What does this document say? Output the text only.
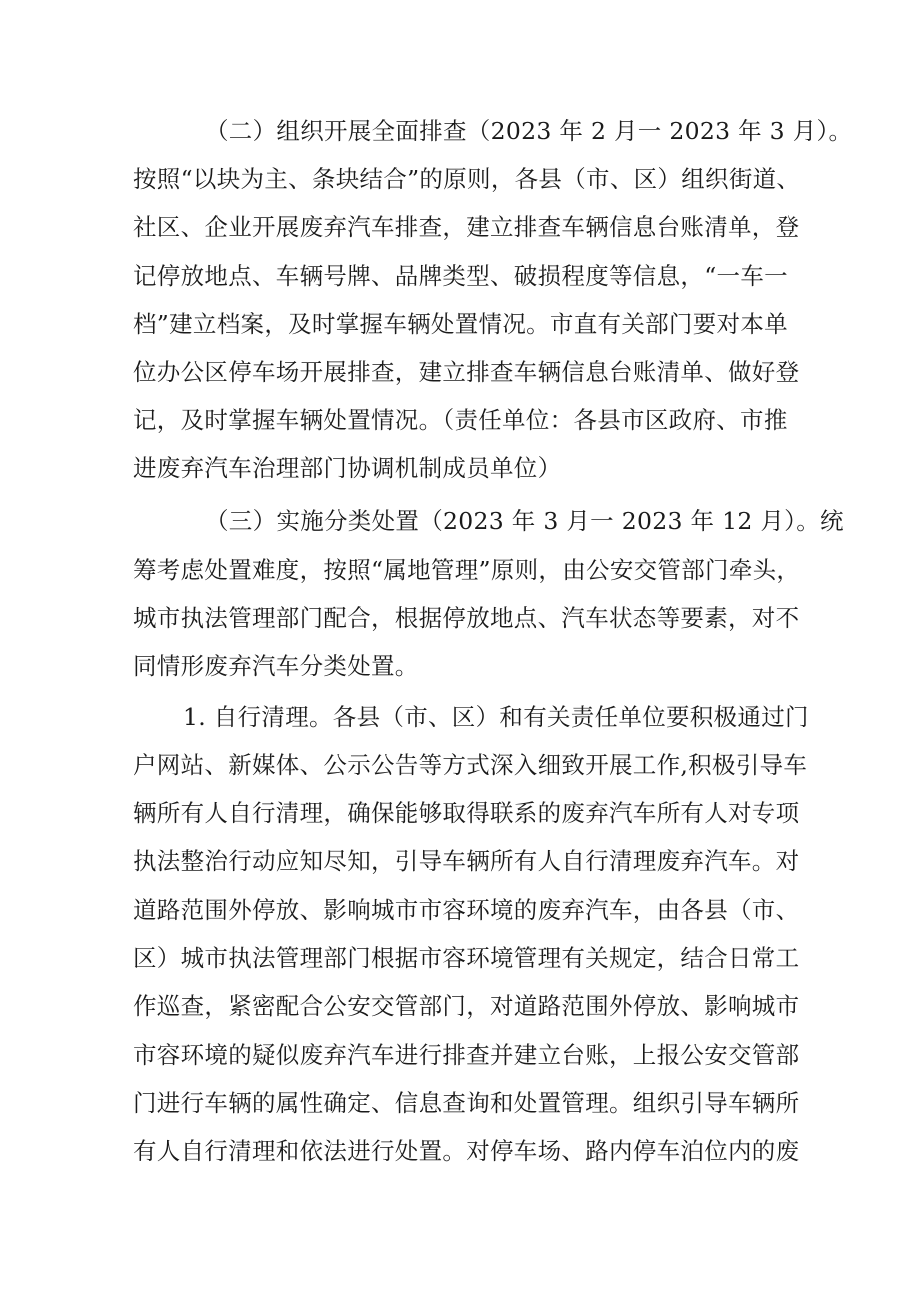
（二）组织开展全面排查（2023 年 2 月一 2023 年 3 月）。

按照“以块为主、条块结合”的原则，各县（市、区）组织街道、

社区、企业开展废弃汽车排查，建立排查车辆信息台账清单，登

记停放地点、车辆号牌、品牌类型、破损程度等信息，“一车一

档”建立档案，及时掌握车辆处置情况。市直有关部门要对本单

位办公区停车场开展排查，建立排查车辆信息台账清单、做好登

记，及时掌握车辆处置情况。（责任单位：各县市区政府、市推

进废弃汽车治理部门协调机制成员单位）

（三）实施分类处置（2023 年 3 月一 2023 年 12 月）。统

筹考虑处置难度，按照“属地管理”原则，由公安交管部门牵头，

城市执法管理部门配合，根据停放地点、汽车状态等要素，对不

同情形废弃汽车分类处置。

1. 自行清理。各县（市、区）和有关责任单位要积极通过门

户网站、新媒体、公示公告等方式深入细致开展工作,积极引导车

辆所有人自行清理，确保能够取得联系的废弃汽车所有人对专项

执法整治行动应知尽知，引导车辆所有人自行清理废弃汽车。对

道路范围外停放、影响城市市容环境的废弃汽车，由各县（市、

区）城市执法管理部门根据市容环境管理有关规定，结合日常工

作巡查，紧密配合公安交管部门，对道路范围外停放、影响城市

市容环境的疑似废弃汽车进行排查并建立台账，上报公安交管部

门进行车辆的属性确定、信息查询和处置管理。组织引导车辆所

有人自行清理和依法进行处置。对停车场、路内停车泊位内的废
